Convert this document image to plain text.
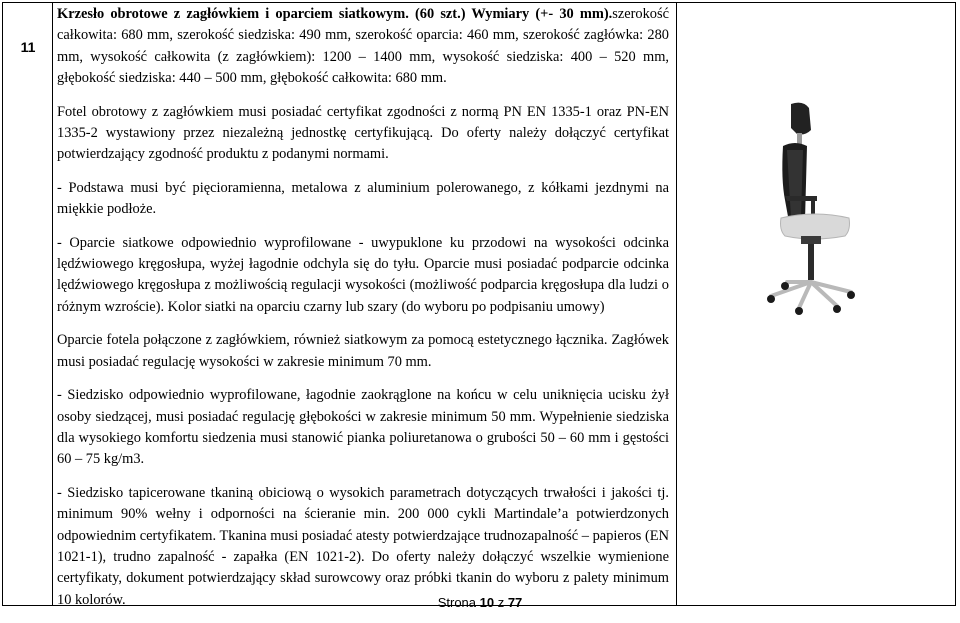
11

Krzesło obrotowe z zagłówkiem i oparciem siatkowym. (60 szt.) Wymiary (+- 30 mm).szerokość całkowita: 680 mm, szerokość siedziska: 490 mm, szerokość oparcia: 460 mm, szerokość zagłówka: 280 mm, wysokość całkowita (z zagłówkiem): 1200 – 1400 mm, wysokość siedziska: 400 – 520 mm, głębokość siedziska: 440 – 500 mm, głębokość całkowita: 680 mm.

Fotel obrotowy z zagłówkiem musi posiadać certyfikat zgodności z normą PN EN 1335-1 oraz PN-EN 1335-2 wystawiony przez niezależną jednostkę certyfikującą. Do oferty należy dołączyć certyfikat potwierdzający zgodność produktu z podanymi normami.

- Podstawa musi być pięcioramienna, metalowa z aluminium polerowanego, z kółkami jezdnymi na miękkie podłoże.

- Oparcie siatkowe odpowiednio wyprofilowane - uwypuklone ku przodowi na wysokości odcinka lędźwiowego kręgosłupa, wyżej łagodnie odchyla się do tyłu. Oparcie musi posiadać podparcie odcinka lędźwiowego kręgosłupa z możliwością regulacji wysokości (możliwość podparcia kręgosłupa dla ludzi o różnym wzroście). Kolor siatki na oparciu czarny lub szary (do wyboru po podpisaniu umowy)

Oparcie fotela połączone z zagłówkiem, również siatkowym za pomocą estetycznego łącznika. Zagłówek musi posiadać regulację wysokości w zakresie minimum 70 mm.

- Siedzisko odpowiednio wyprofilowane, łagodnie zaokrąglone na końcu w celu uniknięcia ucisku żył osoby siedzącej, musi posiadać regulację głębokości w zakresie minimum 50 mm. Wypełnienie siedziska dla wysokiego komfortu siedzenia musi stanowić pianka poliuretanowa o grubości 50 – 60 mm i gęstości 60 – 75 kg/m3.

- Siedzisko tapicerowane tkaniną obiciową o wysokich parametrach dotyczących trwałości i jakości tj. minimum 90% wełny i odporności na ścieranie min. 200 000 cykli Martindale’a potwierdzonych odpowiednim certyfikatem. Tkanina musi posiadać atesty potwierdzające trudnozapalność – papieros (EN 1021-1), trudno zapalność - zapałka (EN 1021-2). Do oferty należy dołączyć wszelkie wymienione certyfikaty, dokument potwierdzający skład surowcowy oraz próbki tkanin do wyboru z palety minimum 10 kolorów.	Strona 10 z 77
